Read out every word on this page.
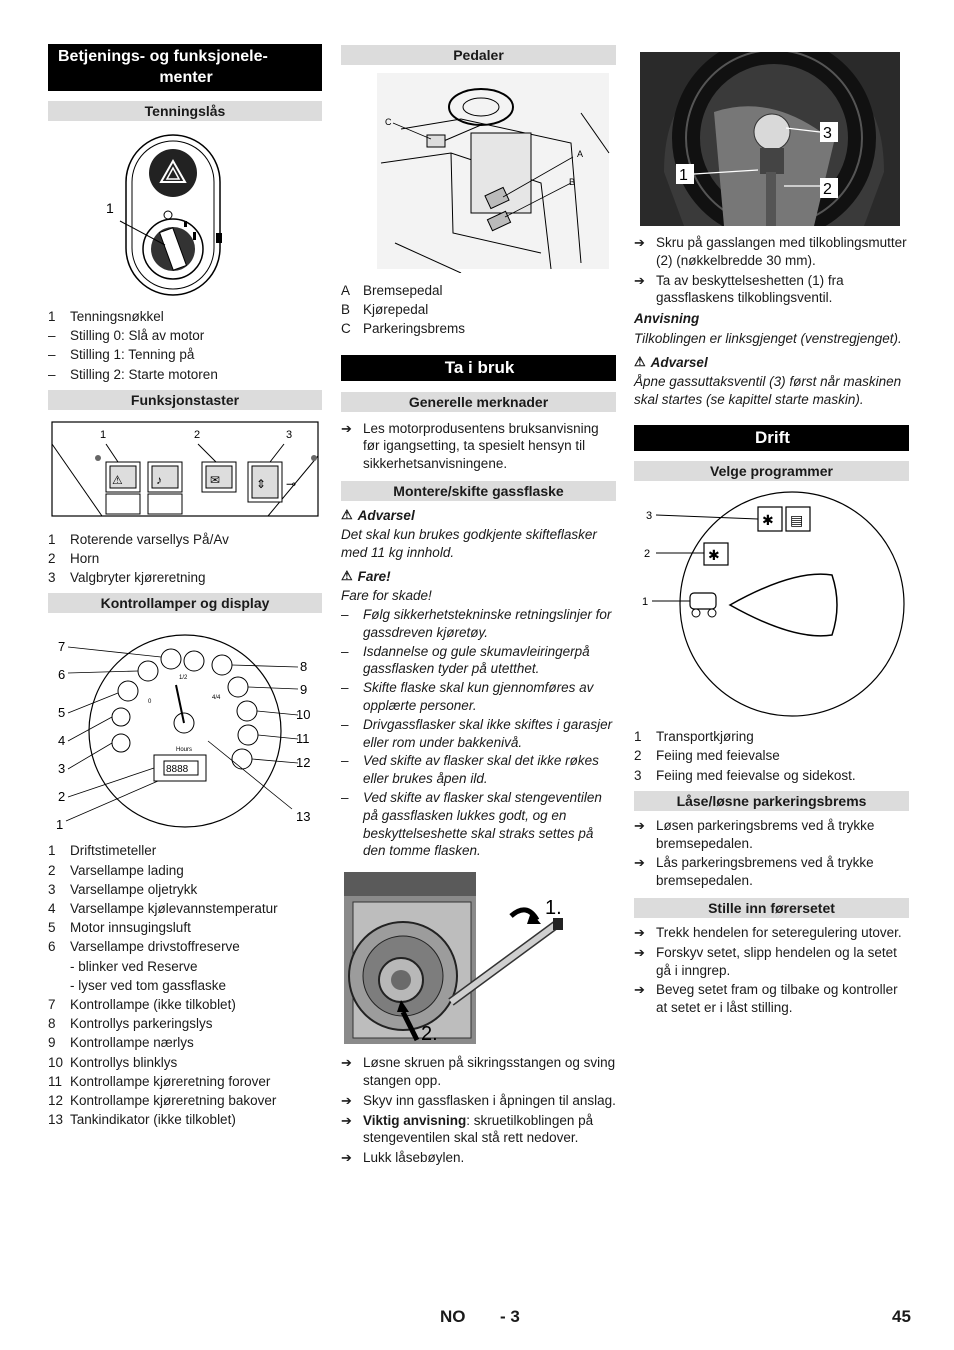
Betjenings- og funksjonele-
menter
Tenningslås
1
1	Tenningsnøkkel
–	Stilling 0: Slå av motor
–	Stilling 1: Tenning på
–	Stilling 2: Starte motoren
Funksjonstaster
⚠	♪	✉	⇕ ⊸
1	2	3
1	Roterende varsellys På/Av
2	Horn
3	Valgbryter kjøreretning
Kontrollamper og display
0
1/2
4/4
Hours
8888
7
6
5
4
3
2
1
8
9
10
11
12
13
1	Driftstimeteller
2	Varsellampe lading
3	Varsellampe oljetrykk
4	Varsellampe kjølevannstemperatur
5	Motor innsugingsluft
6	Varsellampe drivstoffreserve
- blinker ved Reserve
- lyser ved tom gassflaske
7	Kontrollampe (ikke tilkoblet)
8	Kontrollys parkeringslys
9	Kontrollampe nærlys
10 Kontrollys blinklys
11 Kontrollampe kjøreretning forover
12 Kontrollampe kjøreretning bakover
13 Tankindikator (ikke tilkoblet)
Pedaler
C
A
B
A Bremsepedal
B Kjørepedal
C Parkeringsbrems
Ta i bruk
Generelle merknader
➔ Les motorprodusentens bruksanvisning før igangsetting, ta spesielt hensyn til sikkerhetsanvisningene.
Montere/skifte gassflaske
⚠ Advarsel
Det skal kun brukes godkjente skifteflasker med 11 kg innhold.
⚠ Fare!
Fare for skade!
–	Følg sikkerhetstekninske retningslinjer for gassdreven kjøretøy.
–	Isdannelse og gule skumavleiringerpå gassflasken tyder på utetthet.
–	Skifte flaske skal kun gjennomføres av opplærte personer.
–	Drivgassflasker skal ikke skiftes i garasjer eller rom under bakkenivå.
–	Ved skifte av flasker skal det ikke røkes eller brukes åpen ild.
–	Ved skifte av flasker skal stengeventilen på gassflasken lukkes godt, og en beskyttelseshette skal straks settes på den tomme flasken.
1.
2.
➔ Løsne skruen på sikringsstangen og sving stangen opp.
➔ Skyv inn gassflasken i åpningen til anslag.
➔ Viktig anvisning: skruetilkoblingen på stengeventilen skal stå rett nedover.
➔ Lukk låsebøylen.
3
1
2
➔ Skru på gasslangen med tilkoblingsmutter (2) (nøkkelbredde 30 mm).
➔ Ta av beskyttelseshetten (1) fra gassflaskens tilkoblingsventil.
Anvisning
Tilkoblingen er linksgjenget (venstregjenget).
⚠ Advarsel
Åpne gassuttaksventil (3) først når maskinen skal startes (se kapittel starte maskin).
Drift
Velge programmer
✱ ▤
✱
3
2
1
1	Transportkjøring
2	Feiing med feievalse
3	Feiing med feievalse og sidekost.
Låse/løsne parkeringsbrems
➔ Løsen parkeringsbrems ved å trykke bremsepedalen.
➔ Lås parkeringsbremens ved å trykke bremsepedalen.
Stille inn førersetet
➔ Trekk hendelen for seteregulering utover.
➔ Forskyv setet, slipp hendelen og la setet gå i inngrep.
➔ Beveg setet fram og tilbake og kontroller at setet er i låst stilling.
NO - 3	45
